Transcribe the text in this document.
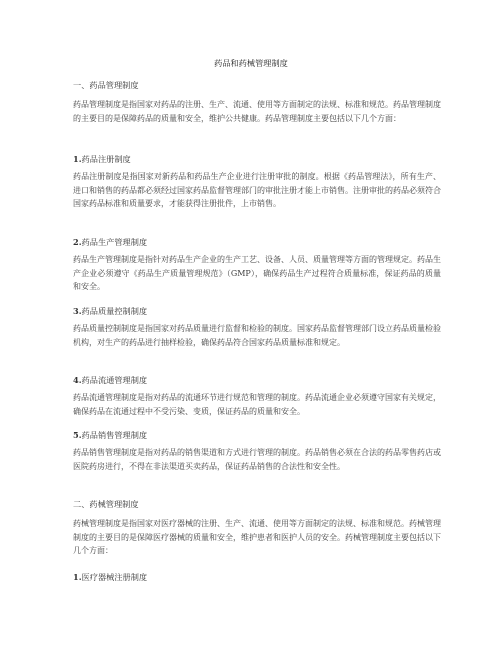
药品和药械管理制度
一、药品管理制度
药品管理制度是指国家对药品的注册、生产、流通、使用等方面制定的法规、标准和规范。药品管理制度的主要目的是保障药品的质量和安全，维护公共健康。药品管理制度主要包括以下几个方面：
1.药品注册制度
药品注册制度是指国家对新药品和药品生产企业进行注册审批的制度。根据《药品管理法》，所有生产、进口和销售的药品都必须经过国家药品监督管理部门的审批注册才能上市销售。注册审批的药品必须符合国家药品标准和质量要求，才能获得注册批件，上市销售。
2.药品生产管理制度
药品生产管理制度是指针对药品生产企业的生产工艺、设备、人员、质量管理等方面的管理规定。药品生产企业必须遵守《药品生产质量管理规范》（GMP），确保药品生产过程符合质量标准，保证药品的质量和安全。
3.药品质量控制制度
药品质量控制制度是指国家对药品质量进行监督和检验的制度。国家药品监督管理部门设立药品质量检验机构，对生产的药品进行抽样检验，确保药品符合国家药品质量标准和规定。
4.药品流通管理制度
药品流通管理制度是指对药品的流通环节进行规范和管理的制度。药品流通企业必须遵守国家有关规定，确保药品在流通过程中不受污染、变质，保证药品的质量和安全。
5.药品销售管理制度
药品销售管理制度是指对药品的销售渠道和方式进行管理的制度。药品销售必须在合法的药品零售药店或医院药房进行，不得在非法渠道买卖药品，保证药品销售的合法性和安全性。
二、药械管理制度
药械管理制度是指国家对医疗器械的注册、生产、流通、使用等方面制定的法规、标准和规范。药械管理制度的主要目的是保障医疗器械的质量和安全，维护患者和医护人员的安全。药械管理制度主要包括以下几个方面：
1.医疗器械注册制度
